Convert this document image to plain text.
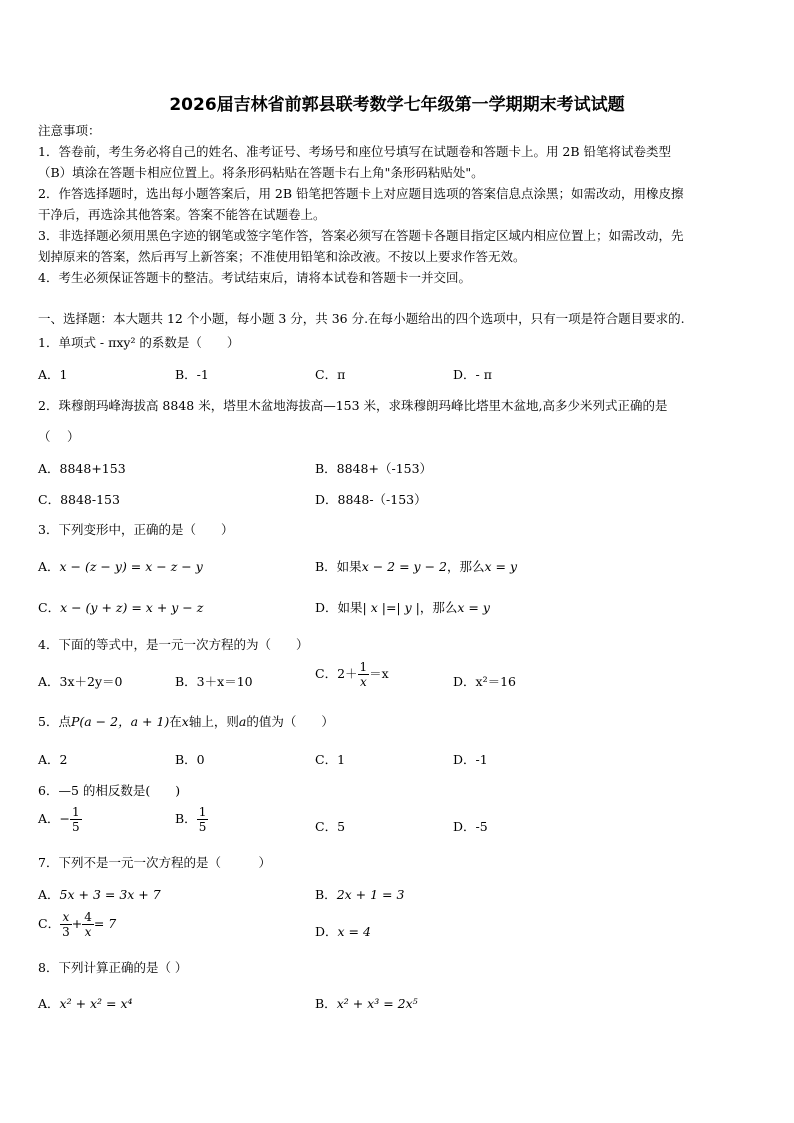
2026届吉林省前郭县联考数学七年级第一学期期末考试试题
注意事项：
1．答卷前，考生务必将自己的姓名、准考证号、考场号和座位号填写在试题卷和答题卡上。用 2B 铅笔将试卷类型
（B）填涂在答题卡相应位置上。将条形码粘贴在答题卡右上角"条形码粘贴处"。
2．作答选择题时，选出每小题答案后，用 2B 铅笔把答题卡上对应题目选项的答案信息点涂黑；如需改动，用橡皮擦
干净后，再选涂其他答案。答案不能答在试题卷上。
3．非选择题必须用黑色字迹的钢笔或签字笔作答，答案必须写在答题卡各题目指定区域内相应位置上；如需改动，先
划掉原来的答案，然后再写上新答案；不准使用铅笔和涂改液。不按以上要求作答无效。
4．考生必须保证答题卡的整洁。考试结束后，请将本试卷和答题卡一并交回。
一、选择题：本大题共 12 个小题，每小题 3 分，共 36 分.在每小题给出的四个选项中，只有一项是符合题目要求的.
1．单项式 - πxy² 的系数是（　　）
A．1	B．-1	C．π	D．- π
2．珠穆朗玛峰海拔高 8848 米，塔里木盆地海拔高—153 米，求珠穆朗玛峰比塔里木盆地,高多少米列式正确的是
（　 ）
A．8848+153	B．8848+（-153）
C．8848-153	D．8848-（-153）
3．下列变形中，正确的是（　　）
A．x − (z − y) = x − z − y	B．如果x − 2 = y − 2，那么x = y
C．x − (y + z) = x + y − z	D．如果| x |=| y |，那么x = y
4．下面的等式中，是一元一次方程的为（　　）
A．3x＋2y＝0	B．3＋x＝10
C．$2+ \frac{1}{x} =x$
D．x²＝16
5．点P(a − 2，a + 1)在x轴上，则a的值为（　　）
A．2	B．0	C．1	D．-1
6．—5 的相反数是(　　)
A．− $\frac{1}{5}$	B． $\frac{1}{5}$	C．5	D．-5
7．下列不是一元一次方程的是（　　　）
A．5x + 3 = 3x + 7	B．2x + 1 = 3
C． $\frac{x}{3} + \frac{4}{x} = 7$
D．x = 4
8．下列计算正确的是（ ）
A．x² + x² = x⁴	B．x² + x³ = 2x⁵
